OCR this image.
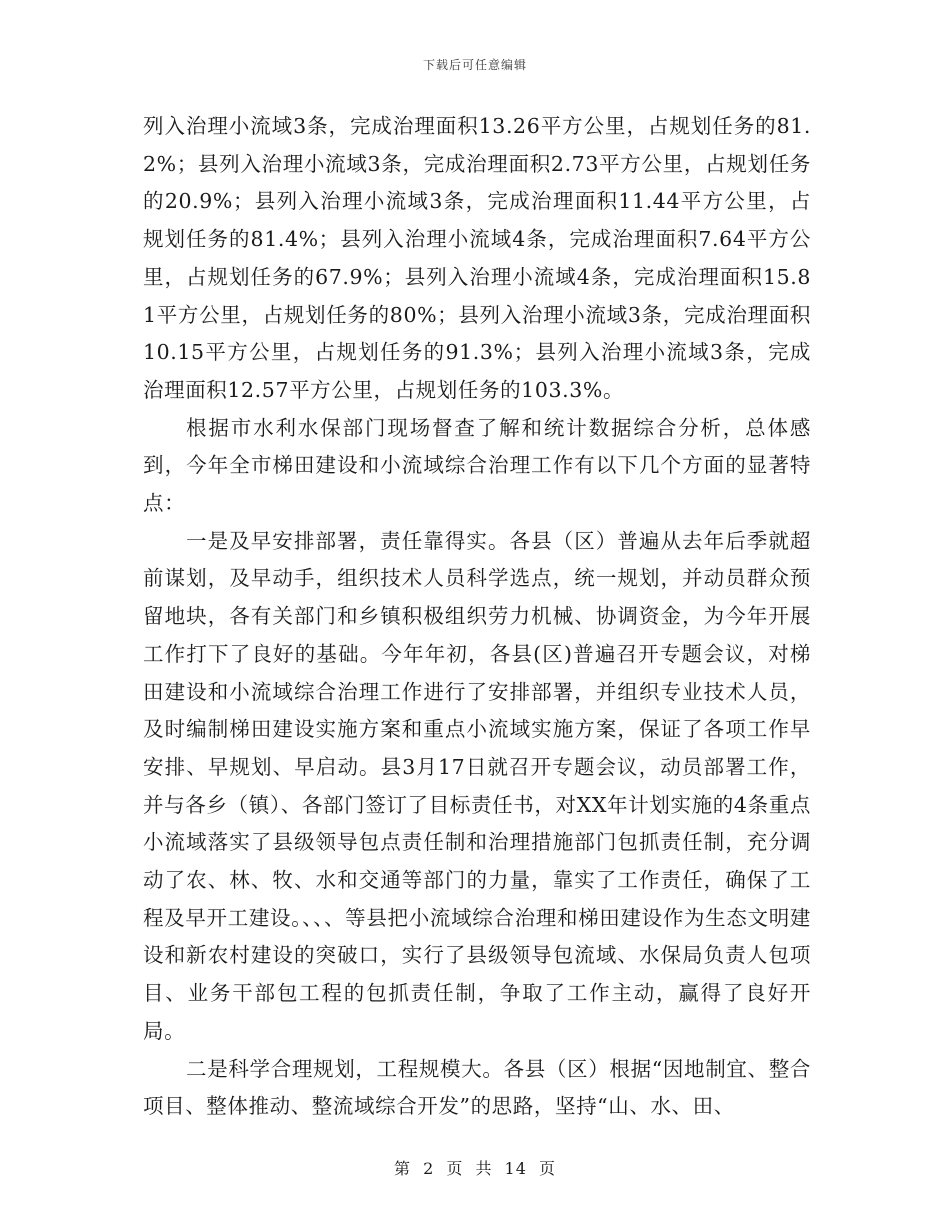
下载后可任意编辑

列入治理小流域3条，完成治理面积13.26平方公里，占规划任务的81.2%；县列入治理小流域3条，完成治理面积2.73平方公里，占规划任务的20.9%；县列入治理小流域3条，完成治理面积11.44平方公里，占规划任务的81.4%；县列入治理小流域4条，完成治理面积7.64平方公里，占规划任务的67.9%；县列入治理小流域4条，完成治理面积15.81平方公里，占规划任务的80%；县列入治理小流域3条，完成治理面积10.15平方公里，占规划任务的91.3%；县列入治理小流域3条，完成治理面积12.57平方公里，占规划任务的103.3%。

根据市水利水保部门现场督查了解和统计数据综合分析，总体感到，今年全市梯田建设和小流域综合治理工作有以下几个方面的显著特点：

一是及早安排部署，责任靠得实。各县（区）普遍从去年后季就超前谋划，及早动手，组织技术人员科学选点，统一规划，并动员群众预留地块，各有关部门和乡镇积极组织劳力机械、协调资金，为今年开展工作打下了良好的基础。今年年初，各县(区)普遍召开专题会议，对梯田建设和小流域综合治理工作进行了安排部署，并组织专业技术人员，及时编制梯田建设实施方案和重点小流域实施方案，保证了各项工作早安排、早规划、早启动。县3月17日就召开专题会议，动员部署工作，并与各乡（镇）、各部门签订了目标责任书，对XX年计划实施的4条重点小流域落实了县级领导包点责任制和治理措施部门包抓责任制，充分调动了农、林、牧、水和交通等部门的力量，靠实了工作责任，确保了工程及早开工建设。、、、等县把小流域综合治理和梯田建设作为生态文明建设和新农村建设的突破口，实行了县级领导包流域、水保局负责人包项目、业务干部包工程的包抓责任制，争取了工作主动，赢得了良好开局。

二是科学合理规划，工程规模大。各县（区）根据“因地制宜、整合项目、整体推动、整流域综合开发”的思路，坚持“山、水、田、

第 2 页 共 14 页
